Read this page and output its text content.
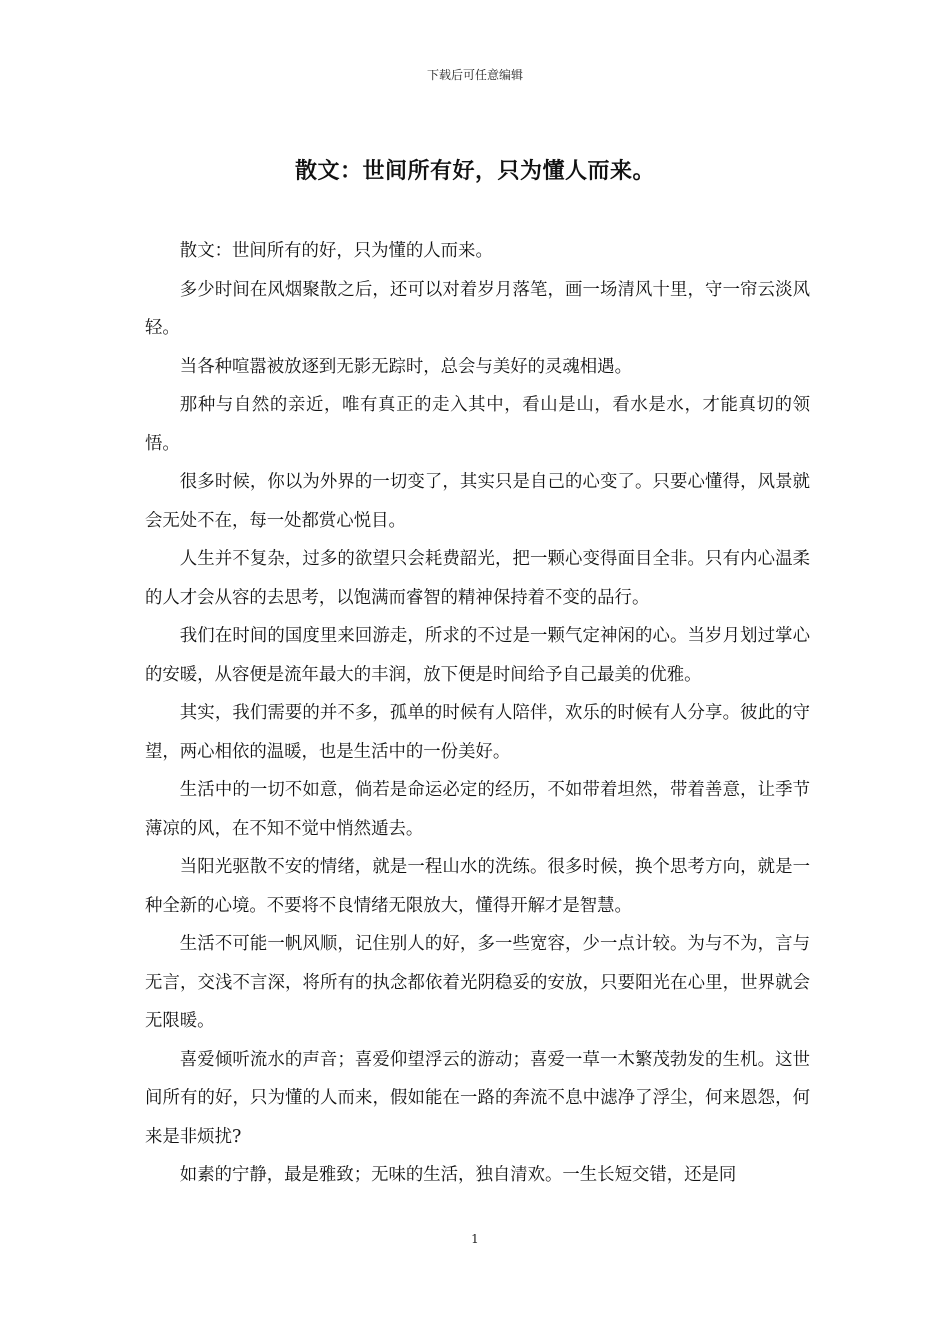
下载后可任意编辑
散文：世间所有好，只为懂人而来。

散文：世间所有的好，只为懂的人而来。

多少时间在风烟聚散之后，还可以对着岁月落笔，画一场清风十里，守一帘云淡风轻。

当各种喧嚣被放逐到无影无踪时，总会与美好的灵魂相遇。

那种与自然的亲近，唯有真正的走入其中，看山是山，看水是水，才能真切的领悟。

很多时候，你以为外界的一切变了，其实只是自己的心变了。只要心懂得，风景就会无处不在，每一处都赏心悦目。

人生并不复杂，过多的欲望只会耗费韶光，把一颗心变得面目全非。只有内心温柔的人才会从容的去思考，以饱满而睿智的精神保持着不变的品行。

我们在时间的国度里来回游走，所求的不过是一颗气定神闲的心。当岁月划过掌心的安暖，从容便是流年最大的丰润，放下便是时间给予自己最美的优雅。

其实，我们需要的并不多，孤单的时候有人陪伴，欢乐的时候有人分享。彼此的守望，两心相依的温暖，也是生活中的一份美好。

生活中的一切不如意，倘若是命运必定的经历，不如带着坦然，带着善意，让季节薄凉的风，在不知不觉中悄然遁去。

当阳光驱散不安的情绪，就是一程山水的洗练。很多时候，换个思考方向，就是一种全新的心境。不要将不良情绪无限放大，懂得开解才是智慧。

生活不可能一帆风顺，记住别人的好，多一些宽容，少一点计较。为与不为，言与无言，交浅不言深，将所有的执念都依着光阴稳妥的安放，只要阳光在心里，世界就会无限暖。

喜爱倾听流水的声音；喜爱仰望浮云的游动；喜爱一草一木繁茂勃发的生机。这世间所有的好，只为懂的人而来，假如能在一路的奔流不息中滤净了浮尘，何来恩怨，何来是非烦扰?

如素的宁静，最是雅致；无味的生活，独自清欢。一生长短交错，还是同

1
